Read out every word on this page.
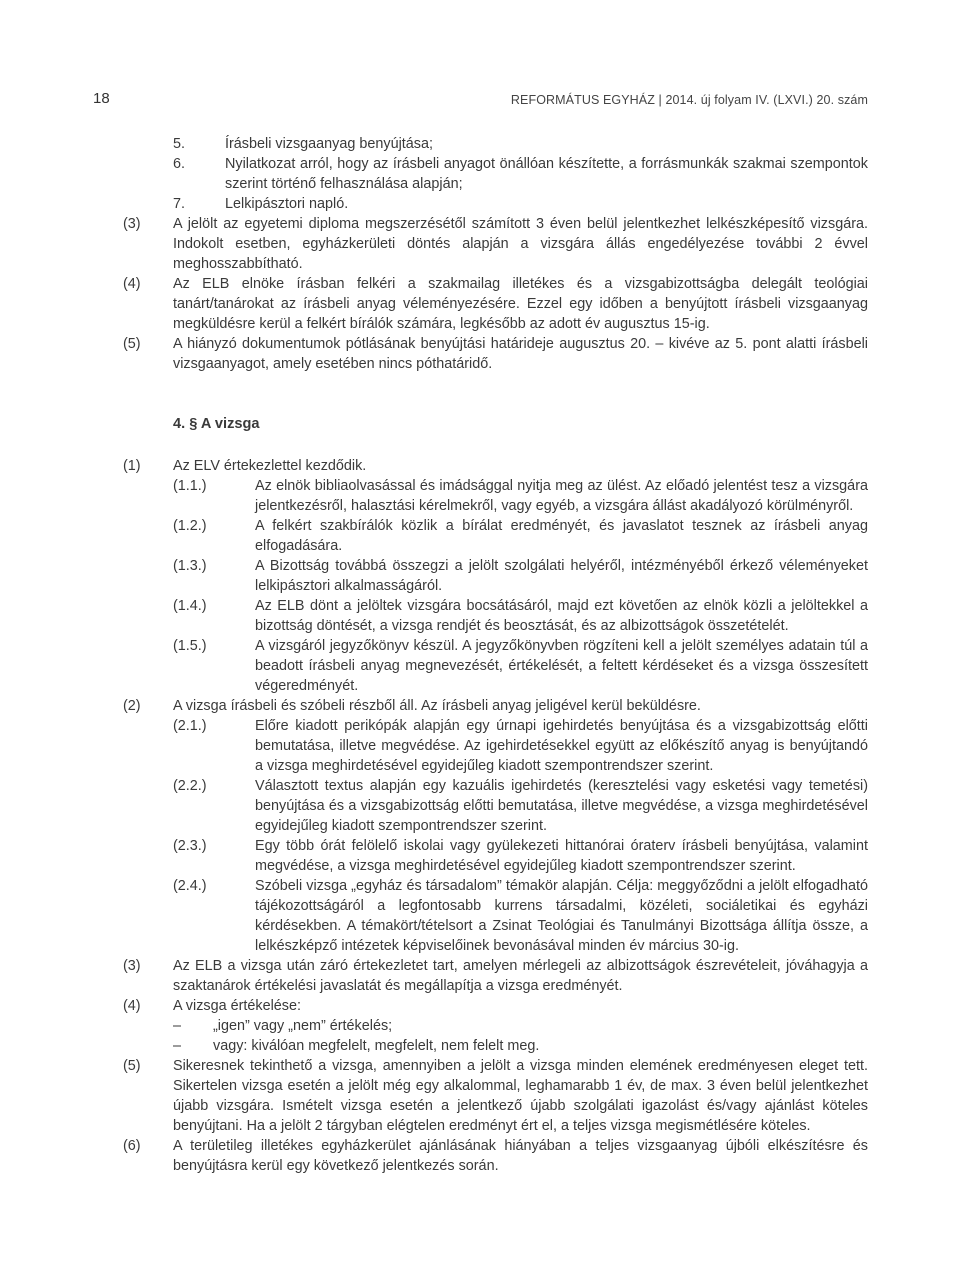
18	REFORMÁTUS EGYHÁZ | 2014. új folyam IV. (LXVI.) 20. szám
5.	Írásbeli vizsgaanyag benyújtása;
6.	Nyilatkozat arról, hogy az írásbeli anyagot önállóan készítette, a forrásmunkák szakmai szempontok szerint történő felhasználása alapján;
7.	Lelkipásztori napló.
(3)	A jelölt az egyetemi diploma megszerzésétől számított 3 éven belül jelentkezhet lelkészképesítő vizsgára. Indokolt esetben, egyházkerületi döntés alapján a vizsgára állás engedélyezése további 2 évvel meghosszabbítható.
(4)	Az ELB elnöke írásban felkéri a szakmailag illetékes és a vizsgabizottságba delegált teológiai tanárt/tanárokat az írásbeli anyag véleményezésére. Ezzel egy időben a benyújtott írásbeli vizsgaanyag megküldésre kerül a felkért bírálók számára, legkésőbb az adott év augusztus 15-ig.
(5)	A hiányzó dokumentumok pótlásának benyújtási határideje augusztus 20. – kivéve az 5. pont alatti írásbeli vizsgaanyagot, amely esetében nincs póthatáridő.
4. § A vizsga
(1)	Az ELV értekezlettel kezdődik.
(1.1.)	Az elnök bibliaolvasással és imádsággal nyitja meg az ülést. Az előadó jelentést tesz a vizsgára jelentkezésről, halasztási kérelmekről, vagy egyéb, a vizsgára állást akadályozó körülményről.
(1.2.)	A felkért szakbírálók közlik a bírálat eredményét, és javaslatot tesznek az írásbeli anyag elfogadására.
(1.3.)	A Bizottság továbbá összegzi a jelölt szolgálati helyéről, intézményéből érkező véleményeket lelkipásztori alkalmasságáról.
(1.4.)	Az ELB dönt a jelöltek vizsgára bocsátásáról, majd ezt követően az elnök közli a jelöltekkel a bizottság döntését, a vizsga rendjét és beosztását, és az albizottságok összetételét.
(1.5.)	A vizsgáról jegyzőkönyv készül. A jegyzőkönyvben rögzíteni kell a jelölt személyes adatain túl a beadott írásbeli anyag megnevezését, értékelését, a feltett kérdéseket és a vizsga összesített végeredményét.
(2)	A vizsga írásbeli és szóbeli részből áll. Az írásbeli anyag jeligével kerül beküldésre.
(2.1.)	Előre kiadott perikópák alapján egy úrnapi igehirdetés benyújtása és a vizsgabizottság előtti bemutatása, illetve megvédése. Az igehirdetésekkel együtt az előkészítő anyag is benyújtandó a vizsga meghirdetésével egyidejűleg kiadott szempontrendszer szerint.
(2.2.)	Választott textus alapján egy kazuális igehirdetés (keresztelési vagy esketési vagy temetési) benyújtása és a vizsgabizottság előtti bemutatása, illetve megvédése, a vizsga meghirdetésével egyidejűleg kiadott szempontrendszer szerint.
(2.3.)	Egy több órát felölelő iskolai vagy gyülekezeti hittanórai óraterv írásbeli benyújtása, valamint megvédése, a vizsga meghirdetésével egyidejűleg kiadott szempontrendszer szerint.
(2.4.)	Szóbeli vizsga „egyház és társadalom” témakör alapján. Célja: meggyőződni a jelölt elfogadható tájékozottságáról a legfontosabb kurrens társadalmi, közéleti, sociáletikai és egyházi kérdésekben. A témakört/tételsort a Zsinat Teológiai és Tanulmányi Bizottsága állítja össze, a lelkészképző intézetek képviselőinek bevonásával minden év március 30-ig.
(3)	Az ELB a vizsga után záró értekezletet tart, amelyen mérlegeli az albizottságok észrevételeit, jóváhagyja a szaktanárok értékelési javaslatát és megállapítja a vizsga eredményét.
(4)	A vizsga értékelése:
–	„igen” vagy „nem” értékelés;
–	vagy: kiválóan megfelelt, megfelelt, nem felelt meg.
(5)	Sikeresnek tekinthető a vizsga, amennyiben a jelölt a vizsga minden elemének eredményesen eleget tett. Sikertelen vizsga esetén a jelölt még egy alkalommal, leghamarabb 1 év, de max. 3 éven belül jelentkezhet újabb vizsgára. Ismételt vizsga esetén a jelentkező újabb szolgálati igazolást és/vagy ajánlást köteles benyújtani. Ha a jelölt 2 tárgyban elégtelen eredményt ért el, a teljes vizsga megismétlésére köteles.
(6)	A területileg illetékes egyházkerület ajánlásának hiányában a teljes vizsgaanyag újbóli elkészítésre és benyújtásra kerül egy következő jelentkezés során.
